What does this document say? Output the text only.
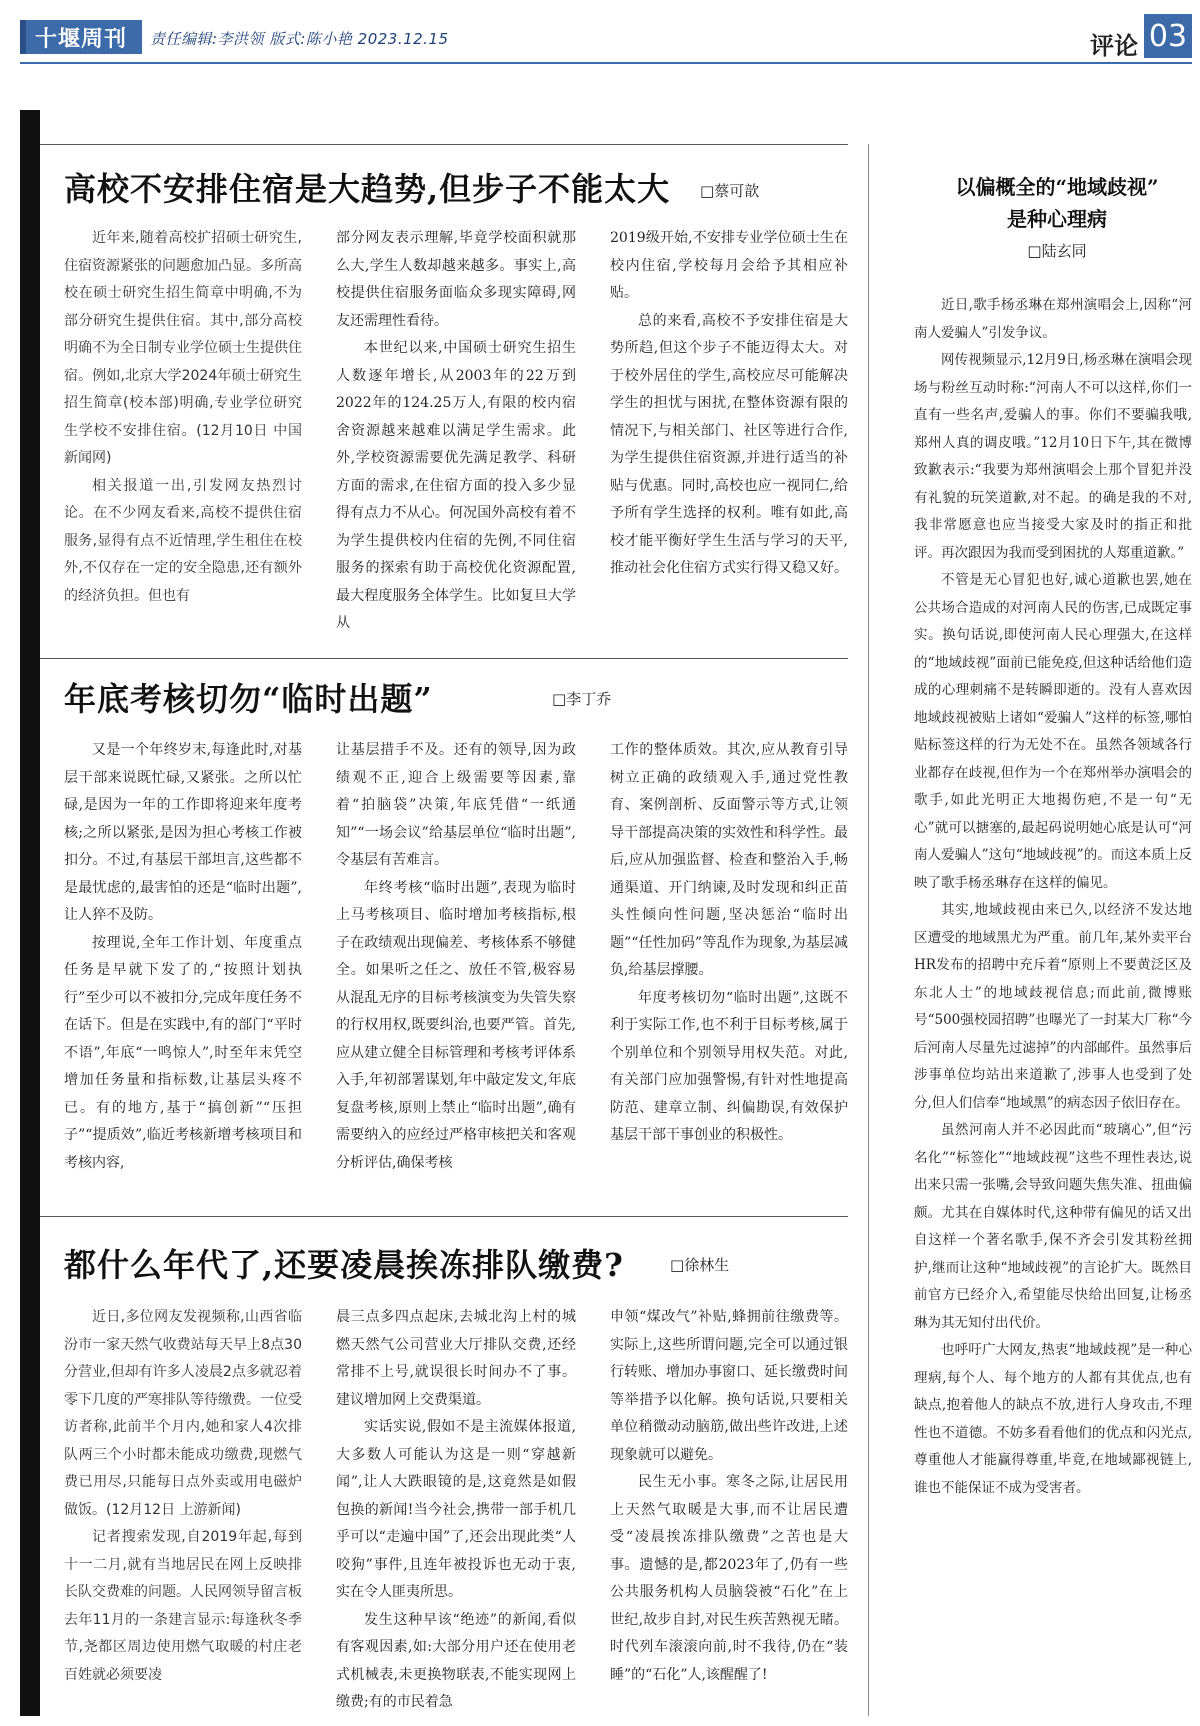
十堰周刊 责任编辑:李洪领 版式:陈小艳 2023.12.15	评论 03
高校不安排住宿是大趋势,但步子不能太大	□ 蔡可歆

近年来,随着高校扩招硕士研究生,住宿资源紧张的问题愈加凸显。多所高校在硕士研究生招生简章中明确,不为部分研究生提供住宿。其中,部分高校明确不为全日制专业学位硕士生提供住宿。例如,北京大学2024年硕士研究生招生简章(校本部)明确,专业学位研究生学校不安排住宿。(12月10日 中国新闻网)

相关报道一出,引发网友热烈讨论。在不少网友看来,高校不提供住宿服务,显得有点不近情理,学生租住在校外,不仅存在一定的安全隐患,还有额外的经济负担。但也有

部分网友表示理解,毕竟学校面积就那么大,学生人数却越来越多。事实上,高校提供住宿服务面临众多现实障碍,网友还需理性看待。

本世纪以来,中国硕士研究生招生人数逐年增长,从2003年的22万到2022年的124.25万人,有限的校内宿舍资源越来越难以满足学生需求。此外,学校资源需要优先满足教学、科研方面的需求,在住宿方面的投入多少显得有点力不从心。何况国外高校有着不为学生提供校内住宿的先例,不同住宿服务的探索有助于高校优化资源配置,最大程度服务全体学生。比如复旦大学从

2019级开始,不安排专业学位硕士生在校内住宿,学校每月会给予其相应补贴。

总的来看,高校不予安排住宿是大势所趋,但这个步子不能迈得太大。对于校外居住的学生,高校应尽可能解决学生的担忧与困扰,在整体资源有限的情况下,与相关部门、社区等进行合作,为学生提供住宿资源,并进行适当的补贴与优惠。同时,高校也应一视同仁,给予所有学生选择的权利。唯有如此,高校才能平衡好学生生活与学习的天平,推动社会化住宿方式实行得又稳又好。

年底考核切勿“临时出题”	□ 李丁乔

又是一个年终岁末,每逢此时,对基层干部来说既忙碌,又紧张。之所以忙碌,是因为一年的工作即将迎来年度考核;之所以紧张,是因为担心考核工作被扣分。不过,有基层干部坦言,这些都不是最忧虑的,最害怕的还是“临时出题”,让人猝不及防。

按理说,全年工作计划、年度重点任务是早就下发了的,“按照计划执行”至少可以不被扣分,完成年度任务不在话下。但是在实践中,有的部门“平时不语”,年底“一鸣惊人”,时至年末凭空增加任务量和指标数,让基层头疼不已。有的地方,基于“搞创新”“压担子”“提质效”,临近考核新增考核项目和考核内容,

让基层措手不及。还有的领导,因为政绩观不正,迎合上级需要等因素,靠着“拍脑袋”决策,年底凭借“一纸通知”“一场会议”给基层单位“临时出题”,令基层有苦难言。

年终考核“临时出题”,表现为临时上马考核项目、临时增加考核指标,根子在政绩观出现偏差、考核体系不够健全。如果听之任之、放任不管,极容易从混乱无序的目标考核演变为失管失察的行权用权,既要纠治,也要严管。首先,应从建立健全目标管理和考核考评体系入手,年初部署谋划,年中敲定发文,年底复盘考核,原则上禁止“临时出题”,确有需要纳入的应经过严格审核把关和客观分析评估,确保考核

工作的整体质效。其次,应从教育引导树立正确的政绩观入手,通过党性教育、案例剖析、反面警示等方式,让领导干部提高决策的实效性和科学性。最后,应从加强监督、检查和整治入手,畅通渠道、开门纳谏,及时发现和纠正苗头性倾向性问题,坚决惩治“临时出题”“任性加码”等乱作为现象,为基层减负,给基层撑腰。

年度考核切勿“临时出题”,这既不利于实际工作,也不利于目标考核,属于个别单位和个别领导用权失范。对此,有关部门应加强警惕,有针对性地提高防范、建章立制、纠偏勘误,有效保护基层干部干事创业的积极性。

都什么年代了,还要凌晨挨冻排队缴费?	□ 徐林生

近日,多位网友发视频称,山西省临汾市一家天然气收费站每天早上8点30分营业,但却有许多人凌晨2点多就忍着零下几度的严寒排队等待缴费。一位受访者称,此前半个月内,她和家人4次排队两三个小时都未能成功缴费,现燃气费已用尽,只能每日点外卖或用电磁炉做饭。(12月12日 上游新闻)

记者搜索发现,自2019年起,每到十一二月,就有当地居民在网上反映排长队交费难的问题。人民网领导留言板去年11月的一条建言显示:每逢秋冬季节,尧都区周边使用燃气取暖的村庄老百姓就必须要凌

晨三点多四点起床,去城北沟上村的城燃天然气公司营业大厅排队交费,还经常排不上号,就误很长时间办不了事。建议增加网上交费渠道。

实话实说,假如不是主流媒体报道,大多数人可能认为这是一则“穿越新闻”,让人大跌眼镜的是,这竟然是如假包换的新闻!当今社会,携带一部手机几乎可以“走遍中国”了,还会出现此类“人咬狗”事件,且连年被投诉也无动于衷,实在令人匪夷所思。

发生这种早该“绝迹”的新闻,看似有客观因素,如:大部分用户还在使用老式机械表,未更换物联表,不能实现网上缴费;有的市民着急

申领“煤改气”补贴,蜂拥前往缴费等。实际上,这些所谓问题,完全可以通过银行转账、增加办事窗口、延长缴费时间等举措予以化解。换句话说,只要相关单位稍微动动脑筋,做出些许改进,上述现象就可以避免。

民生无小事。寒冬之际,让居民用上天然气取暖是大事,而不让居民遭受“凌晨挨冻排队缴费”之苦也是大事。遗憾的是,都2023年了,仍有一些公共服务机构人员脑袋被“石化”在上世纪,故步自封,对民生疾苦熟视无睹。时代列车滚滚向前,时不我待,仍在“装睡”的“石化”人,该醒醒了!

以偏概全的“地域歧视”
是种心理病
□ 陆玄同

近日,歌手杨丞琳在郑州演唱会上,因称“河南人爱骗人”引发争议。

网传视频显示,12月9日,杨丞琳在演唱会现场与粉丝互动时称:“河南人不可以这样,你们一直有一些名声,爱骗人的事。你们不要骗我哦,郑州人真的调皮哦。”12月10日下午,其在微博致歉表示:“我要为郑州演唱会上那个冒犯并没有礼貌的玩笑道歉,对不起。的确是我的不对,我非常愿意也应当接受大家及时的指正和批评。再次跟因为我而受到困扰的人郑重道歉。”

不管是无心冒犯也好,诚心道歉也罢,她在公共场合造成的对河南人民的伤害,已成既定事实。换句话说,即使河南人民心理强大,在这样的“地域歧视”面前已能免疫,但这种话给他们造成的心理刺痛不是转瞬即逝的。没有人喜欢因地域歧视被贴上诸如“爱骗人”这样的标签,哪怕贴标签这样的行为无处不在。虽然各领域各行业都存在歧视,但作为一个在郑州举办演唱会的歌手,如此光明正大地揭伤疤,不是一句“无心”就可以搪塞的,最起码说明她心底是认可“河南人爱骗人”这句“地域歧视”的。而这本质上反映了歌手杨丞琳存在这样的偏见。

其实,地域歧视由来已久,以经济不发达地区遭受的地域黑尤为严重。前几年,某外卖平台HR发布的招聘中充斥着“原则上不要黄泛区及东北人士”的地域歧视信息;而此前,微博账号“500强校园招聘”也曝光了一封某大厂称“今后河南人尽量先过滤掉”的内部邮件。虽然事后涉事单位均站出来道歉了,涉事人也受到了处分,但人们信奉“地域黑”的病态因子依旧存在。

虽然河南人并不必因此而“玻璃心”,但“污名化”“标签化”“地域歧视”这些不理性表达,说出来只需一张嘴,会导致问题失焦失准、扭曲偏颇。尤其在自媒体时代,这种带有偏见的话又出自这样一个著名歌手,保不齐会引发其粉丝拥护,继而让这种“地域歧视”的言论扩大。既然目前官方已经介入,希望能尽快给出回复,让杨丞琳为其无知付出代价。

也呼吁广大网友,热衷“地域歧视”是一种心理病,每个人、每个地方的人都有其优点,也有缺点,抱着他人的缺点不放,进行人身攻击,不理性也不道德。不妨多看看他们的优点和闪光点,尊重他人才能赢得尊重,毕竟,在地域鄙视链上,谁也不能保证不成为受害者。
